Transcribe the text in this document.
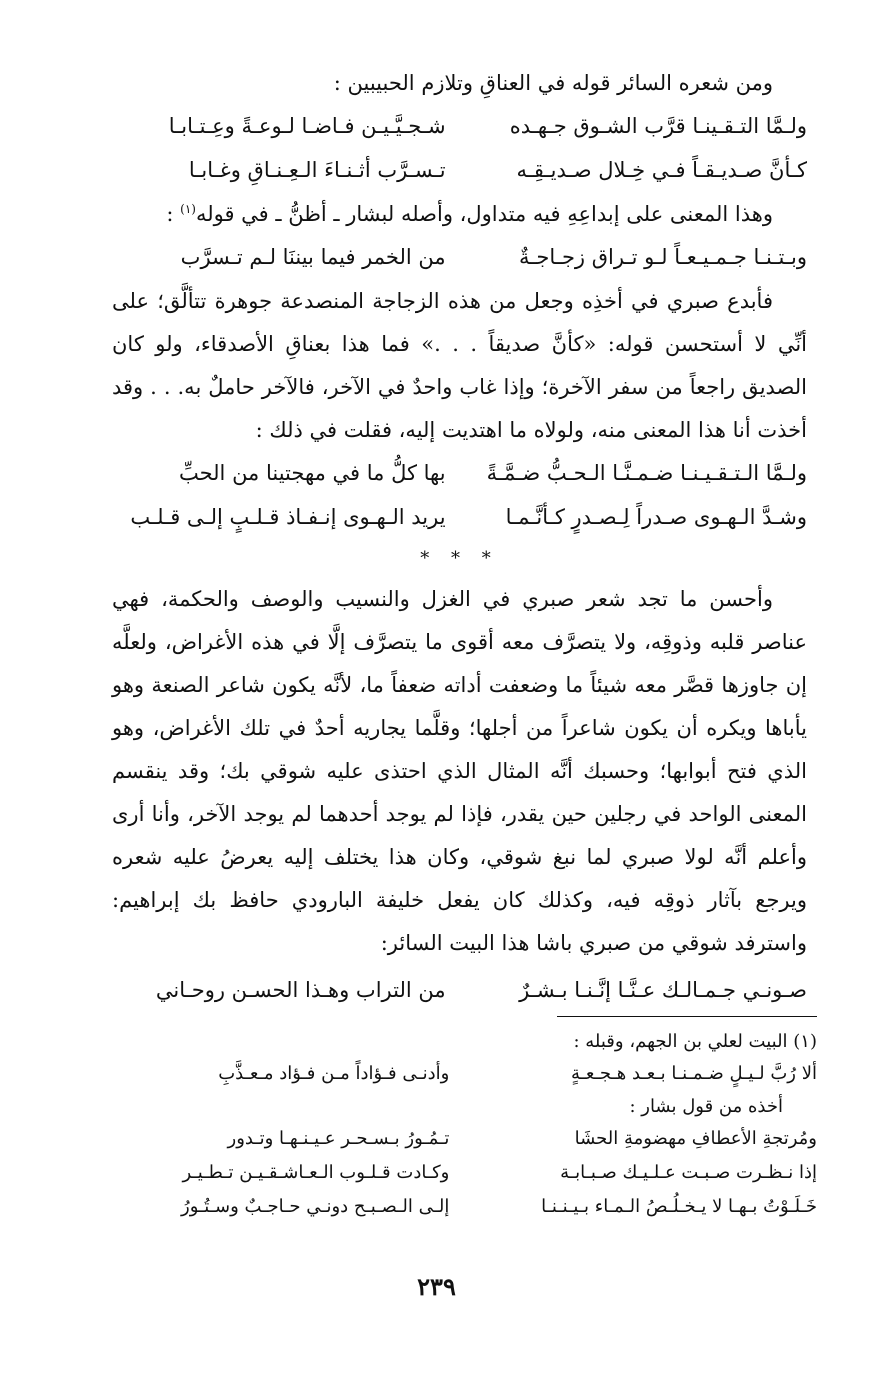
ومن شعره السائر قوله في العناقِ وتلازم الحبيبين :

ولـمَّا التـقـينـا قرَّب الشـوق جـهـده
شـجـيَّـيـن فـاضـا لـوعـةً وعِـتـابـا
كـأنَّ صـديـقـاً فـي خِـلال صـديـقِـه
تـسـرَّب أثـنـاءَ الـعِـنـاقِ وغـابـا

وهذا المعنى على إبداعِهِ فيه متداول، وأصله لبشار ـ أظنُّ ـ في قوله$^{(١)}$ :

وبـتـنـا جـمـيـعـاً لـو تـراق زجـاجـةٌ
من الخمر فيما بيننَا لـم تـسرَّب

فأبدع صبري في أخذِه وجعل من هذه الزجاجة المنصدعة جوهرة تتألَّق؛ على أنِّي لا أستحسن قوله: «كأنَّ صديقاً . . .» فما هذا بعناقِ الأصدقاء، ولو كان الصديق راجعاً من سفر الآخرة؛ وإذا غاب واحدٌ في الآخر، فالآخر حاملٌ به. . . وقد أخذت أنا هذا المعنى منه، ولولاه ما اهتديت إليه، فقلت في ذلك :

ولـمَّا الـتـقـيـنـا ضـمـنَّـا الـحـبُّ ضـمَّـةً
بها كلُّ ما في مهجتينا من الحبِّ
وشـدَّ الـهـوى صـدراً لِـصـدرٍ كـأنَّـمـا
يريد الـهـوى إنـفـاذ قـلـبٍ إلـى قـلـب
* * *

وأحسن ما تجد شعر صبري في الغزل والنسيب والوصف والحكمة، فهي عناصر قلبه وذوقِه، ولا يتصرَّف معه أقوى ما يتصرَّف إلَّا في هذه الأغراض، ولعلَّه إن جاوزها قصَّر معه شيئاً ما وضعفت أداته ضعفاً ما، لأنَّه يكون شاعر الصنعة وهو يأباها ويكره أن يكون شاعراً من أجلها؛ وقلَّما يجاريه أحدٌ في تلك الأغراض، وهو الذي فتح أبوابها؛ وحسبك أنَّه المثال الذي احتذى عليه شوقي بك؛ وقد ينقسم المعنى الواحد في رجلين حين يقدر، فإذا لم يوجد أحدهما لم يوجد الآخر، وأنا أرى وأعلم أنَّه لولا صبري لما نبغ شوقي، وكان هذا يختلف إليه يعرضُ عليه شعره ويرجع بآثار ذوقِه فيه، وكذلك كان يفعل خليفة البارودي حافظ بك إبراهيم: واسترفد شوقي من صبري باشا هذا البيت السائر:

صـونـي جـمـالـك عـنَّـا إنَّـنـا بـشـرٌ
من التراب وهـذا الحسـن روحـاني

(١) البيت لعلي بن الجهم، وقبله :

ألا رُبَّ لـيـلٍ ضـمـنـا بـعـد هـجـعـةٍ
وأدنـى فـؤاداً مـن فـؤاد مـعـذَّبِ

أخذه من قول بشار :

ومُرتجةِ الأعطافِ مهضومةِ الحشَا
تـمُـورُ بـسـحـر عـيـنـهـا وتـدور
إذا نـظـرت صـبـت عـلـيـك صـبـابـة
وكـادت قـلـوب الـعـاشـقـيـن تـطـيـر
خَـلَـوْتُ بـهـا لا يـخـلُـصُ الـمـاء بـيـنـنـا
إلـى الـصـبـح دونـي حـاجـبٌ وسـتُـورُ
٢٣٩
